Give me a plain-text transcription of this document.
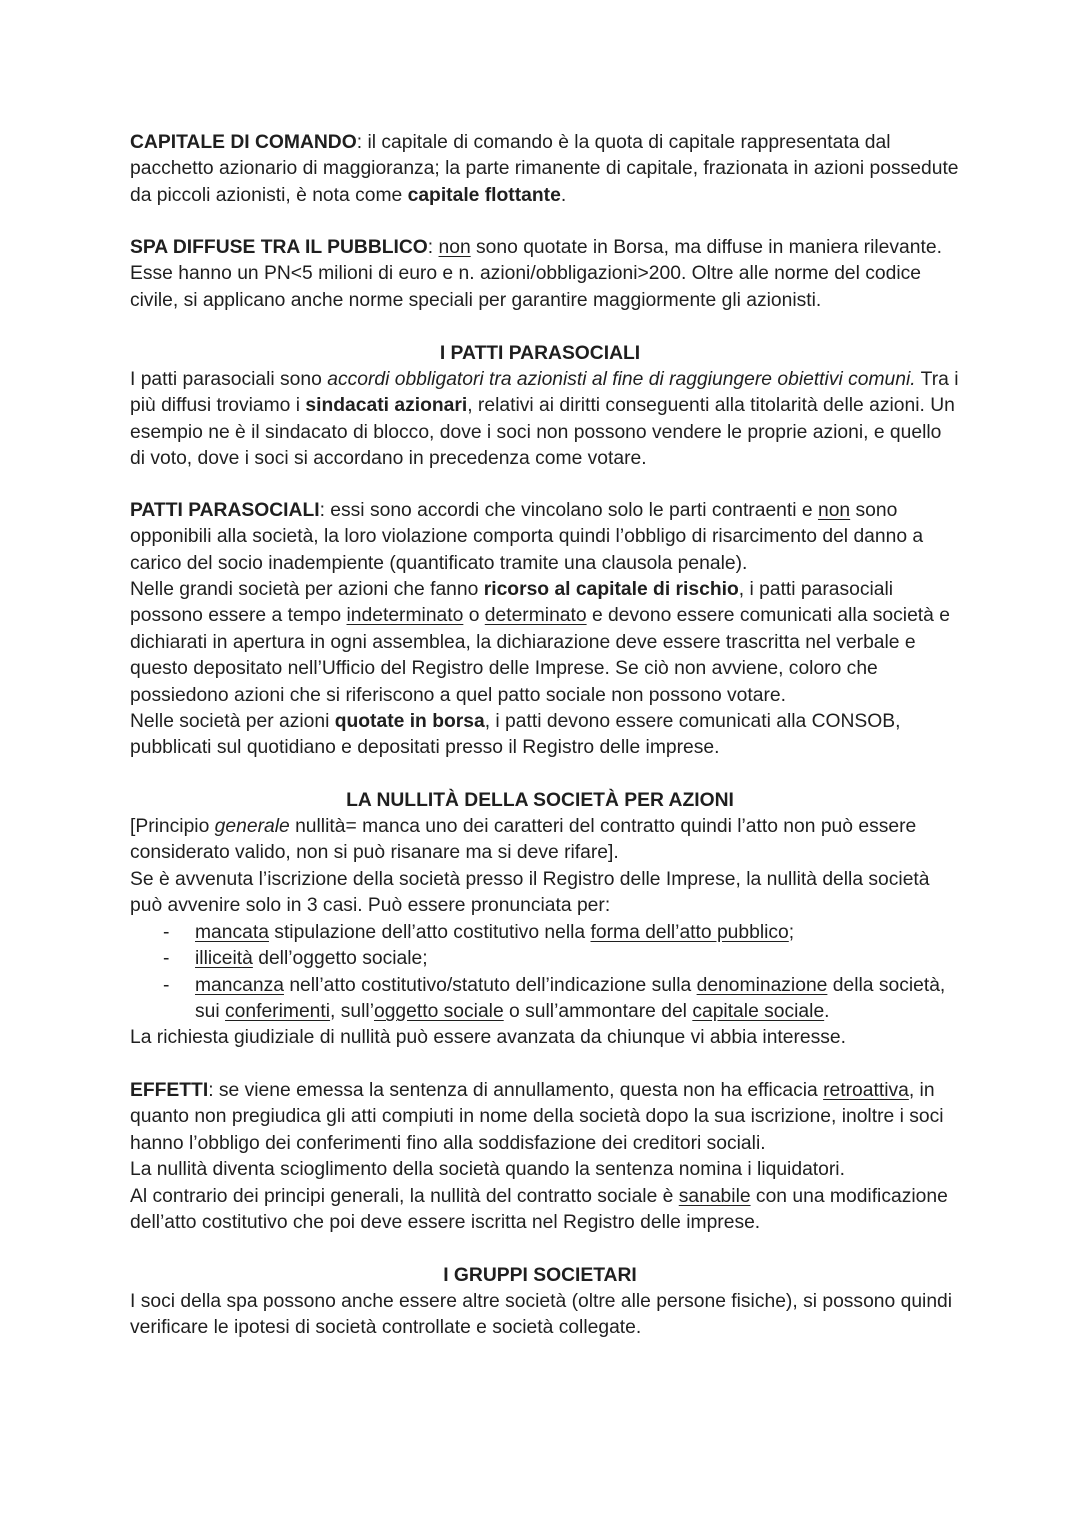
CAPITALE DI COMANDO: il capitale di comando è la quota di capitale rappresentata dal pacchetto azionario di maggioranza; la parte rimanente di capitale, frazionata in azioni possedute da piccoli azionisti, è nota come capitale flottante.

SPA DIFFUSE TRA IL PUBBLICO: non sono quotate in Borsa, ma diffuse in maniera rilevante. Esse hanno un PN<5 milioni di euro e n. azioni/obbligazioni>200. Oltre alle norme del codice civile, si applicano anche norme speciali per garantire maggiormente gli azionisti.

I PATTI PARASOCIALI

I patti parasociali sono accordi obbligatori tra azionisti al fine di raggiungere obiettivi comuni. Tra i più diffusi troviamo i sindacati azionari, relativi ai diritti conseguenti alla titolarità delle azioni. Un esempio ne è il sindacato di blocco, dove i soci non possono vendere le proprie azioni, e quello di voto, dove i soci si accordano in precedenza come votare.

PATTI PARASOCIALI: essi sono accordi che vincolano solo le parti contraenti e non sono opponibili alla società, la loro violazione comporta quindi l’obbligo di risarcimento del danno a carico del socio inadempiente (quantificato tramite una clausola penale).

Nelle grandi società per azioni che fanno ricorso al capitale di rischio, i patti parasociali possono essere a tempo indeterminato o determinato e devono essere comunicati alla società e dichiarati in apertura in ogni assemblea, la dichiarazione deve essere trascritta nel verbale e questo depositato nell’Ufficio del Registro delle Imprese. Se ciò non avviene, coloro che possiedono azioni che si riferiscono a quel patto sociale non possono votare.

Nelle società per azioni quotate in borsa, i patti devono essere comunicati alla CONSOB, pubblicati sul quotidiano e depositati presso il Registro delle imprese.

LA NULLITÀ DELLA SOCIETÀ PER AZIONI

[Principio generale nullità= manca uno dei caratteri del contratto quindi l’atto non può essere considerato valido, non si può risanare ma si deve rifare].

Se è avvenuta l’iscrizione della società presso il Registro delle Imprese, la nullità della società può avvenire solo in 3 casi. Può essere pronunciata per:

- mancata stipulazione dell’atto costitutivo nella forma dell’atto pubblico;
- illiceità dell’oggetto sociale;
- mancanza nell’atto costitutivo/statuto dell’indicazione sulla denominazione della società, sui conferimenti, sull’oggetto sociale o sull’ammontare del capitale sociale.

La richiesta giudiziale di nullità può essere avanzata da chiunque vi abbia interesse.

EFFETTI: se viene emessa la sentenza di annullamento, questa non ha efficacia retroattiva, in quanto non pregiudica gli atti compiuti in nome della società dopo la sua iscrizione, inoltre i soci hanno l’obbligo dei conferimenti fino alla soddisfazione dei creditori sociali.

La nullità diventa scioglimento della società quando la sentenza nomina i liquidatori.

Al contrario dei principi generali, la nullità del contratto sociale è sanabile con una modificazione dell’atto costitutivo che poi deve essere iscritta nel Registro delle imprese.

I GRUPPI SOCIETARI

I soci della spa possono anche essere altre società (oltre alle persone fisiche), si possono quindi verificare le ipotesi di società controllate e società collegate.
